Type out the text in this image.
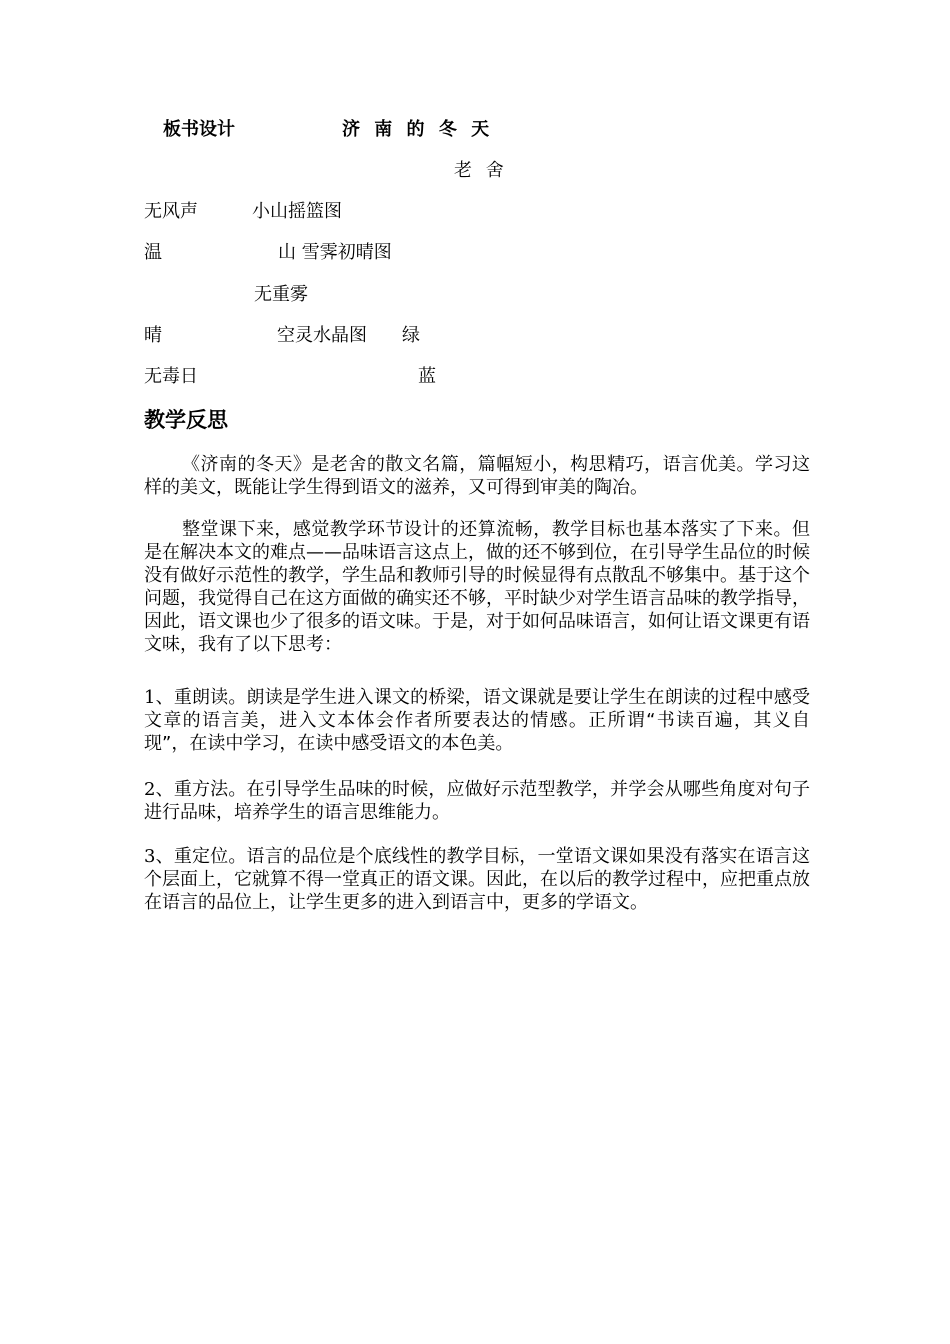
板书设计	济 南 的 冬 天
老 舍
无风声	小山摇篮图
温	山 雪霁初晴图
无重雾
晴	空灵水晶图 绿
无毒日	蓝
教学反思

《济南的冬天》是老舍的散文名篇，篇幅短小，构思精巧，语言优美。学习这样的美文，既能让学生得到语文的滋养，又可得到审美的陶冶。

整堂课下来，感觉教学环节设计的还算流畅，教学目标也基本落实了下来。但是在解决本文的难点——品味语言这点上，做的还不够到位，在引导学生品位的时候没有做好示范性的教学，学生品和教师引导的时候显得有点散乱不够集中。基于这个问题，我觉得自己在这方面做的确实还不够，平时缺少对学生语言品味的教学指导，因此，语文课也少了很多的语文味。于是，对于如何品味语言，如何让语文课更有语文味，我有了以下思考：

1、重朗读。朗读是学生进入课文的桥梁，语文课就是要让学生在朗读的过程中感受文章的语言美，进入文本体会作者所要表达的情感。正所谓“书读百遍，其义自现”，在读中学习，在读中感受语文的本色美。

2、重方法。在引导学生品味的时候，应做好示范型教学，并学会从哪些角度对句子进行品味，培养学生的语言思维能力。

3、重定位。语言的品位是个底线性的教学目标，一堂语文课如果没有落实在语言这个层面上，它就算不得一堂真正的语文课。因此，在以后的教学过程中，应把重点放在语言的品位上，让学生更多的进入到语言中，更多的学语文。
